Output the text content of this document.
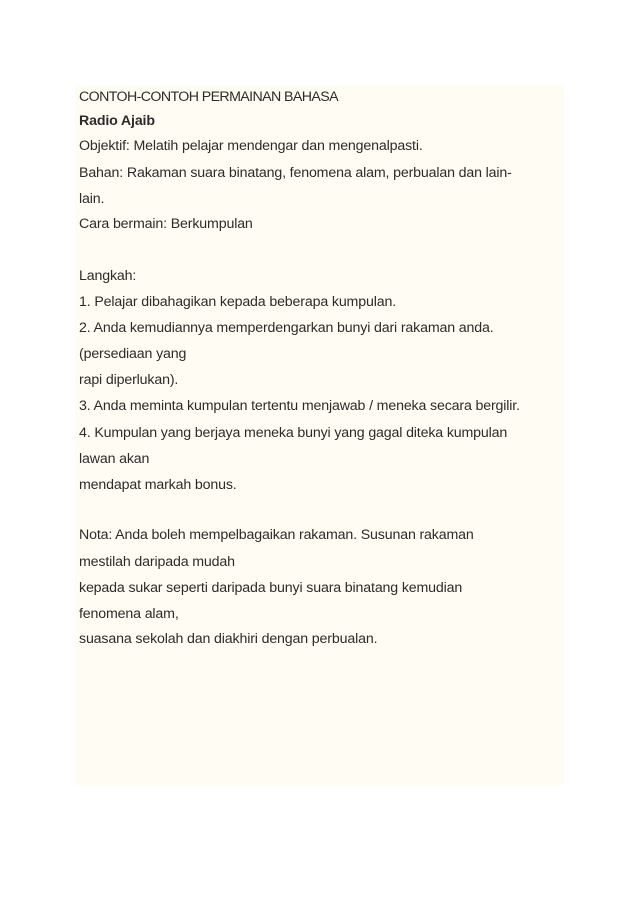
CONTOH-CONTOH PERMAINAN BAHASA
Radio Ajaib
Objektif: Melatih pelajar mendengar dan mengenalpasti.
Bahan: Rakaman suara binatang, fenomena alam, perbualan dan lain-
lain.
Cara bermain: Berkumpulan
Langkah:
1. Pelajar dibahagikan kepada beberapa kumpulan.
2. Anda kemudiannya memperdengarkan bunyi dari rakaman anda.
(persediaan yang
rapi diperlukan).
3. Anda meminta kumpulan tertentu menjawab / meneka secara bergilir.
4. Kumpulan yang berjaya meneka bunyi yang gagal diteka kumpulan
lawan akan
mendapat markah bonus.
Nota: Anda boleh mempelbagaikan rakaman. Susunan rakaman
mestilah daripada mudah
kepada sukar seperti daripada bunyi suara binatang kemudian
fenomena alam,
suasana sekolah dan diakhiri dengan perbualan.
